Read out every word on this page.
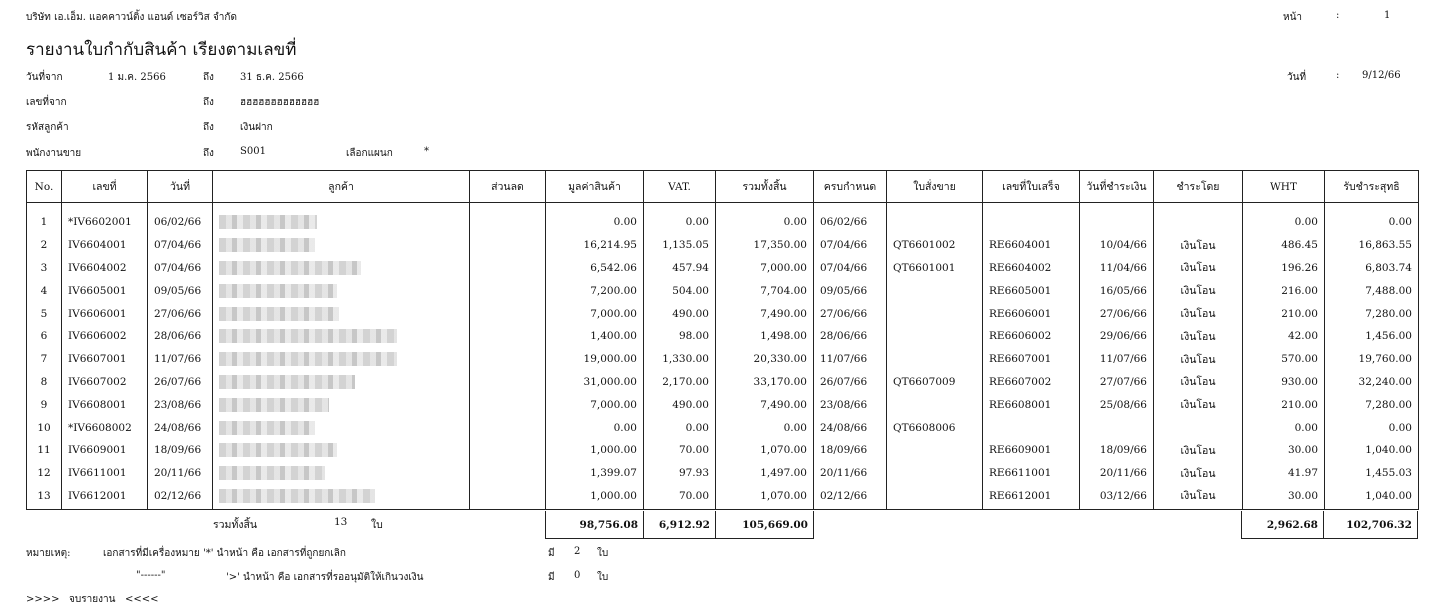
บริษัท เอ.เอ็ม. แอคคาวน์ติ้ง แอนด์ เซอร์วิส จำกัด	หน้า	:	1
รายงานใบกำกับสินค้า เรียงตามเลขที่
วันที่	: 9/12/66
วันที่จาก	1 ม.ค. 2566	ถึง	31 ธ.ค. 2566
เลขที่จาก	ถึง	ฮฮฮฮฮฮฮฮฮฮฮฮฮ
รหัสลูกค้า	ถึง	เงินฝาก
พนักงานขาย	ถึง	S001	เลือกแผนก	*
No.	เลขที่	วันที่	ลูกค้า	ส่วนลด	มูลค่าสินค้า	VAT.	รวมทั้งสิ้น	ครบกำหนด	ใบสั่งขาย	เลขที่ใบเสร็จ	วันที่ชำระเงิน	ชำระโดย	WHT	รับชำระสุทธิ

1	*IV6602001	06/02/66			0.00	0.00	0.00	06/02/66					0.00	0.00
2	IV6604001	07/04/66			16,214.95	1,135.05	17,350.00	07/04/66	QT6601002	RE6604001	10/04/66	เงินโอน	486.45	16,863.55
3	IV6604002	07/04/66			6,542.06	457.94	7,000.00	07/04/66	QT6601001	RE6604002	11/04/66	เงินโอน	196.26	6,803.74
4	IV6605001	09/05/66			7,200.00	504.00	7,704.00	09/05/66		RE6605001	16/05/66	เงินโอน	216.00	7,488.00
5	IV6606001	27/06/66			7,000.00	490.00	7,490.00	27/06/66		RE6606001	27/06/66	เงินโอน	210.00	7,280.00
6	IV6606002	28/06/66			1,400.00	98.00	1,498.00	28/06/66		RE6606002	29/06/66	เงินโอน	42.00	1,456.00
7	IV6607001	11/07/66			19,000.00	1,330.00	20,330.00	11/07/66		RE6607001	11/07/66	เงินโอน	570.00	19,760.00
8	IV6607002	26/07/66			31,000.00	2,170.00	33,170.00	26/07/66	QT6607009	RE6607002	27/07/66	เงินโอน	930.00	32,240.00
9	IV6608001	23/08/66			7,000.00	490.00	7,490.00	23/08/66		RE6608001	25/08/66	เงินโอน	210.00	7,280.00
10	*IV6608002	24/08/66			0.00	0.00	0.00	24/08/66	QT6608006				0.00	0.00
11	IV6609001	18/09/66			1,000.00	70.00	1,070.00	18/09/66		RE6609001	18/09/66	เงินโอน	30.00	1,040.00
12	IV6611001	20/11/66			1,399.07	97.93	1,497.00	20/11/66		RE6611001	20/11/66	เงินโอน	41.97	1,455.03
13	IV6612001	02/12/66			1,000.00	70.00	1,070.00	02/12/66		RE6612001	03/12/66	เงินโอน	30.00	1,040.00
รวมทั้งสิ้น	13 ใบ	98,756.08	6,912.92	105,669.00	2,962.68	102,706.32
หมายเหตุ:	เอกสารที่มีเครื่องหมาย '*' นำหน้า คือ เอกสารที่ถูกยกเลิก	มี 2 ใบ
"------"	'>' นำหน้า คือ เอกสารที่รออนุมัติให้เกินวงเงิน	มี 0 ใบ
>>>>   จบรายงาน   <<<<
